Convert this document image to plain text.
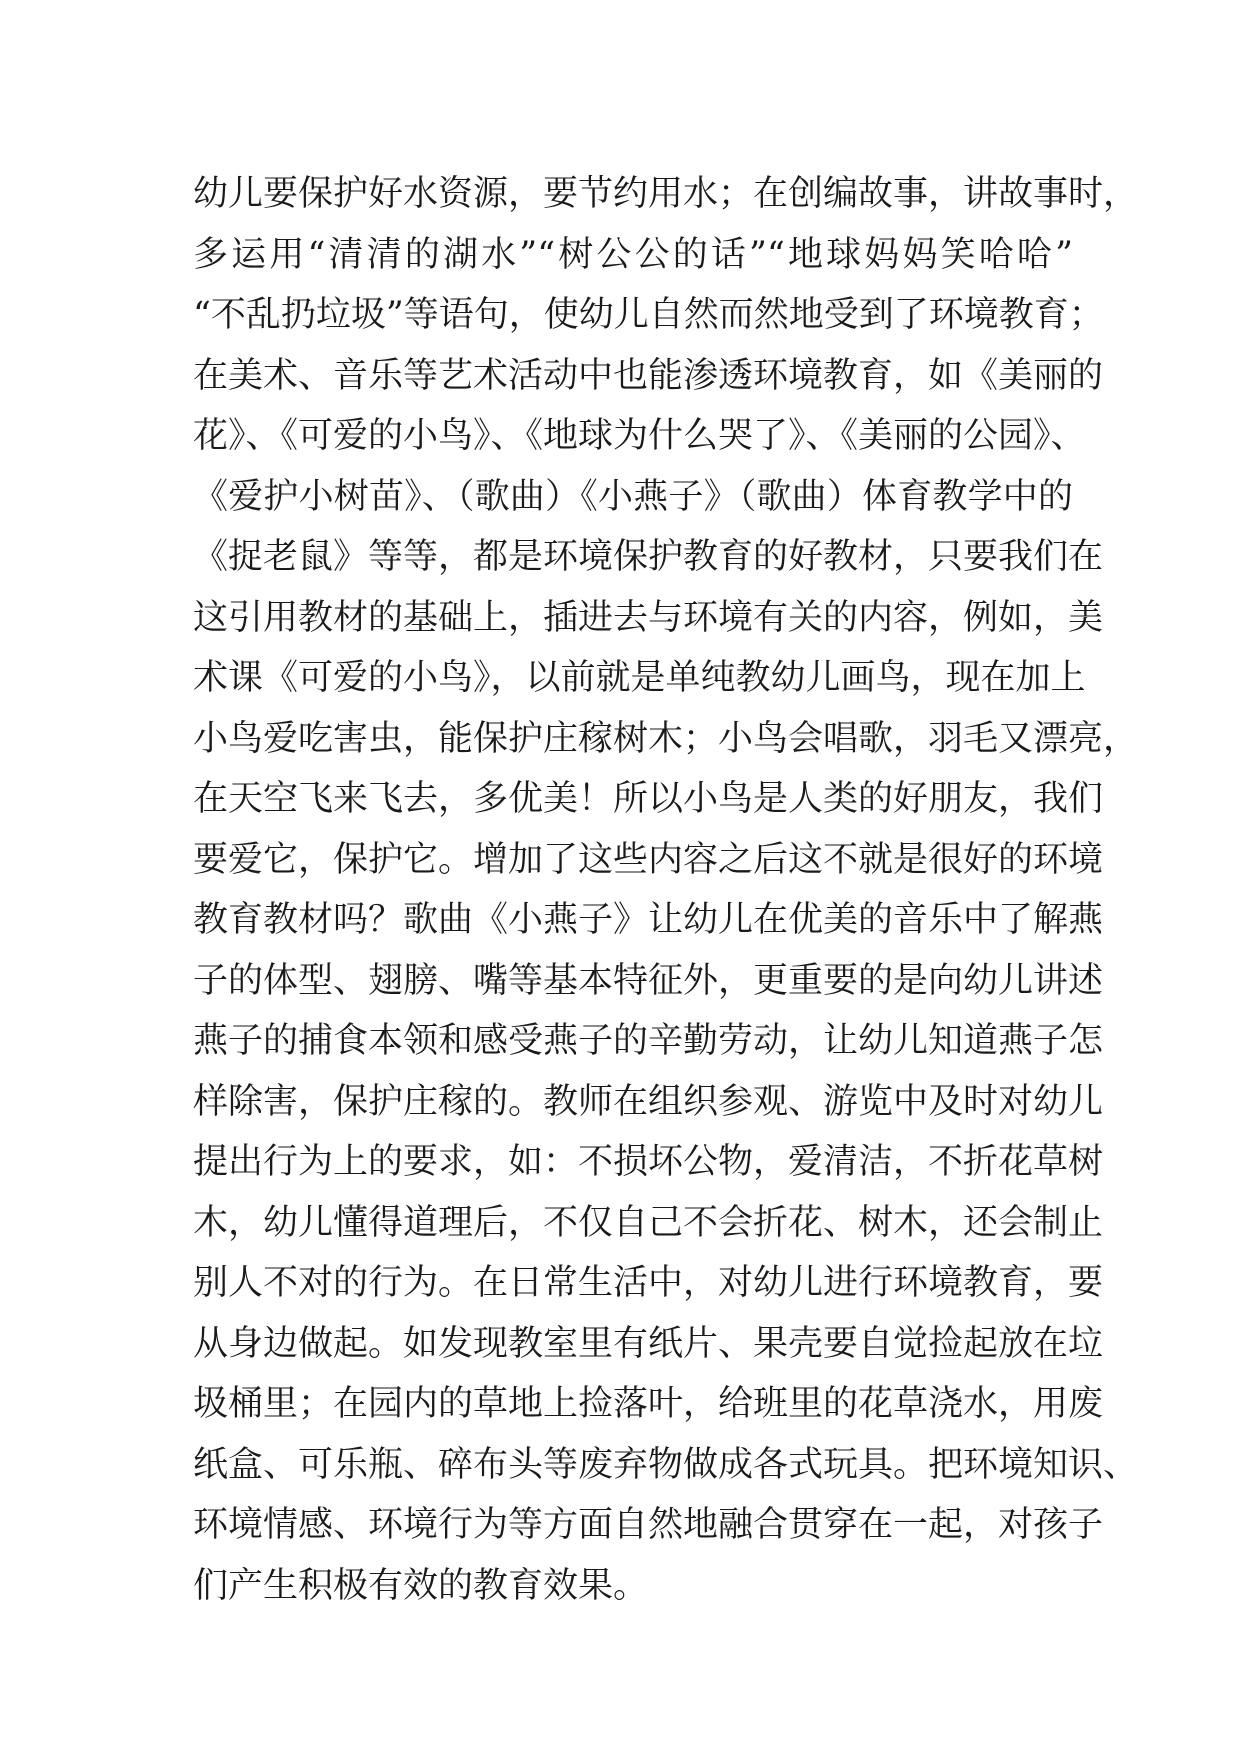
幼儿要保护好水资源，要节约用水；在创编故事，讲故事时，
多运用“清清的湖水”“树公公的话”“地球妈妈笑哈哈”
“不乱扔垃圾”等语句，使幼儿自然而然地受到了环境教育；
在美术、音乐等艺术活动中也能渗透环境教育，如《美丽的
花》、《可爱的小鸟》、《地球为什么哭了》、《美丽的公园》、
《爱护小树苗》、（歌曲）《小燕子》（歌曲）体育教学中的
《捉老鼠》等等，都是环境保护教育的好教材，只要我们在
这引用教材的基础上，插进去与环境有关的内容，例如，美
术课《可爱的小鸟》，以前就是单纯教幼儿画鸟，现在加上
小鸟爱吃害虫，能保护庄稼树木；小鸟会唱歌，羽毛又漂亮，
在天空飞来飞去，多优美！所以小鸟是人类的好朋友，我们
要爱它，保护它。增加了这些内容之后这不就是很好的环境
教育教材吗？歌曲《小燕子》让幼儿在优美的音乐中了解燕
子的体型、翅膀、嘴等基本特征外，更重要的是向幼儿讲述
燕子的捕食本领和感受燕子的辛勤劳动，让幼儿知道燕子怎
样除害，保护庄稼的。教师在组织参观、游览中及时对幼儿
提出行为上的要求，如：不损坏公物，爱清洁，不折花草树
木，幼儿懂得道理后，不仅自己不会折花、树木，还会制止
别人不对的行为。在日常生活中，对幼儿进行环境教育，要
从身边做起。如发现教室里有纸片、果壳要自觉捡起放在垃
圾桶里；在园内的草地上捡落叶，给班里的花草浇水，用废
纸盒、可乐瓶、碎布头等废弃物做成各式玩具。把环境知识、
环境情感、环境行为等方面自然地融合贯穿在一起，对孩子
们产生积极有效的教育效果。
